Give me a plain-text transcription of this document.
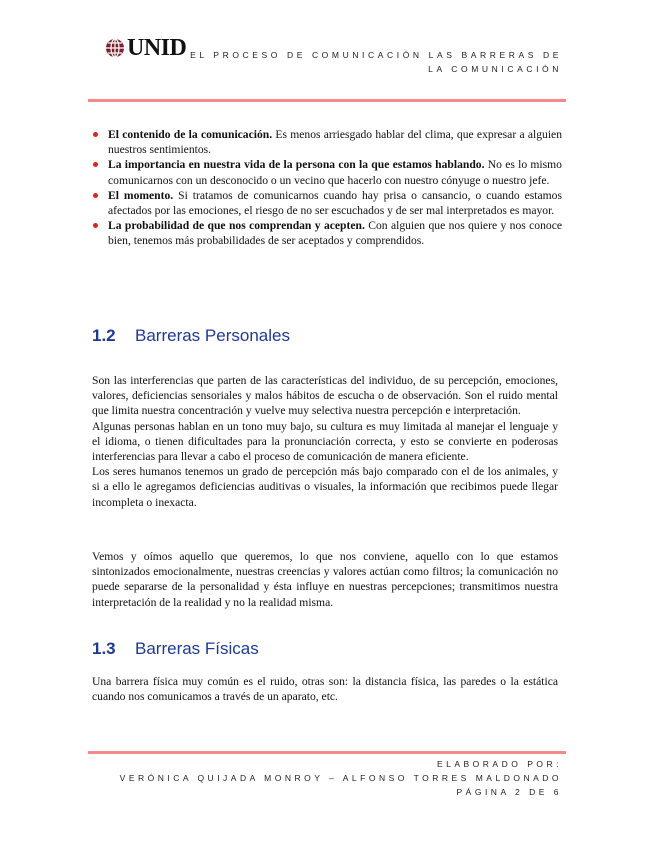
UNID EL PROCESO DE COMUNICACIÓN LAS BARRERAS DE
LA COMUNICACIÓN
El contenido de la comunicación. Es menos arriesgado hablar del clima, que expresar a alguien nuestros sentimientos.
La importancia en nuestra vida de la persona con la que estamos hablando. No es lo mismo comunicarnos con un desconocido o un vecino que hacerlo con nuestro cónyuge o nuestro jefe.
El momento. Si tratamos de comunicarnos cuando hay prisa o cansancio, o cuando estamos afectados por las emociones, el riesgo de no ser escuchados y de ser mal interpretados es mayor.
La probabilidad de que nos comprendan y acepten. Con alguien que nos quiere y nos conoce bien, tenemos más probabilidades de ser aceptados y comprendidos.
1.2	Barreras Personales
Son las interferencias que parten de las características del individuo, de su percepción, emociones, valores, deficiencias sensoriales y malos hábitos de escucha o de observación. Son el ruido mental que limita nuestra concentración y vuelve muy selectiva nuestra percepción e interpretación.
Algunas personas hablan en un tono muy bajo, su cultura es muy limitada al manejar el lenguaje y el idioma, o tienen dificultades para la pronunciación correcta, y esto se convierte en poderosas interferencias para llevar a cabo el proceso de comunicación de manera eficiente.
Los seres humanos tenemos un grado de percepción más bajo comparado con el de los animales, y si a ello le agregamos deficiencias auditivas o visuales, la información que recibimos puede llegar incompleta o inexacta.
Vemos y oímos aquello que queremos, lo que nos conviene, aquello con lo que estamos sintonizados emocionalmente, nuestras creencias y valores actúan como filtros; la comunicación no puede separarse de la personalidad y ésta influye en nuestras percepciones; transmitimos nuestra interpretación de la realidad y no la realidad misma.
1.3	Barreras Físicas
Una barrera física muy común es el ruido, otras son: la distancia física, las paredes o la estática cuando nos comunicamos a través de un aparato, etc.
ELABORADO POR:
VERÓNICA QUIJADA MONROY – ALFONSO TORRES MALDONADO
PÁGINA 2 DE 6
